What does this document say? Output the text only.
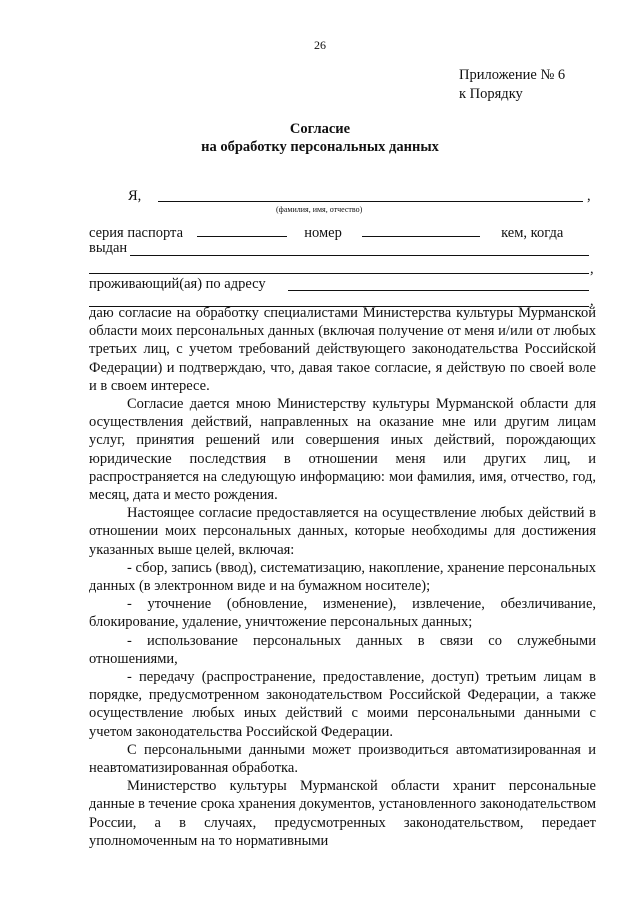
26
Приложение № 6
к Порядку
Согласие
на обработку персональных данных
Я,	,
(фамилия, имя, отчество)
серия паспорта	номер	кем, когда
выдан
,
проживающий(ая) по адресу
,

даю согласие на обработку специалистами Министерства культуры Мурманской области моих персональных данных (включая получение от меня и/или от любых третьих лиц, с учетом требований действующего законодательства Российской Федерации) и подтверждаю, что, давая такое согласие, я действую по своей воле и в своем интересе.

Согласие дается мною Министерству культуры Мурманской области для осуществления действий, направленных на оказание мне или другим лицам услуг, принятия решений или совершения иных действий, порождающих юридические последствия в отношении меня или других лиц, и распространяется на следующую информацию: мои фамилия, имя, отчество, год, месяц, дата и место рождения.

Настоящее согласие предоставляется на осуществление любых действий в отношении моих персональных данных, которые необходимы для достижения указанных выше целей, включая:

- сбор, запись (ввод), систематизацию, накопление, хранение персональных данных (в электронном виде и на бумажном носителе);

- уточнение (обновление, изменение), извлечение, обезличивание, блокирование, удаление, уничтожение персональных данных;

- использование персональных данных в связи со служебными отношениями,

- передачу (распространение, предоставление, доступ) третьим лицам в порядке, предусмотренном законодательством Российской Федерации, а также осуществление любых иных действий с моими персональными данными с учетом законодательства Российской Федерации.

С персональными данными может производиться автоматизированная и неавтоматизированная обработка.

Министерство культуры Мурманской области хранит персональные данные в течение срока хранения документов, установленного законодательством России, а в случаях, предусмотренных законодательством, передает уполномоченным на то нормативными
